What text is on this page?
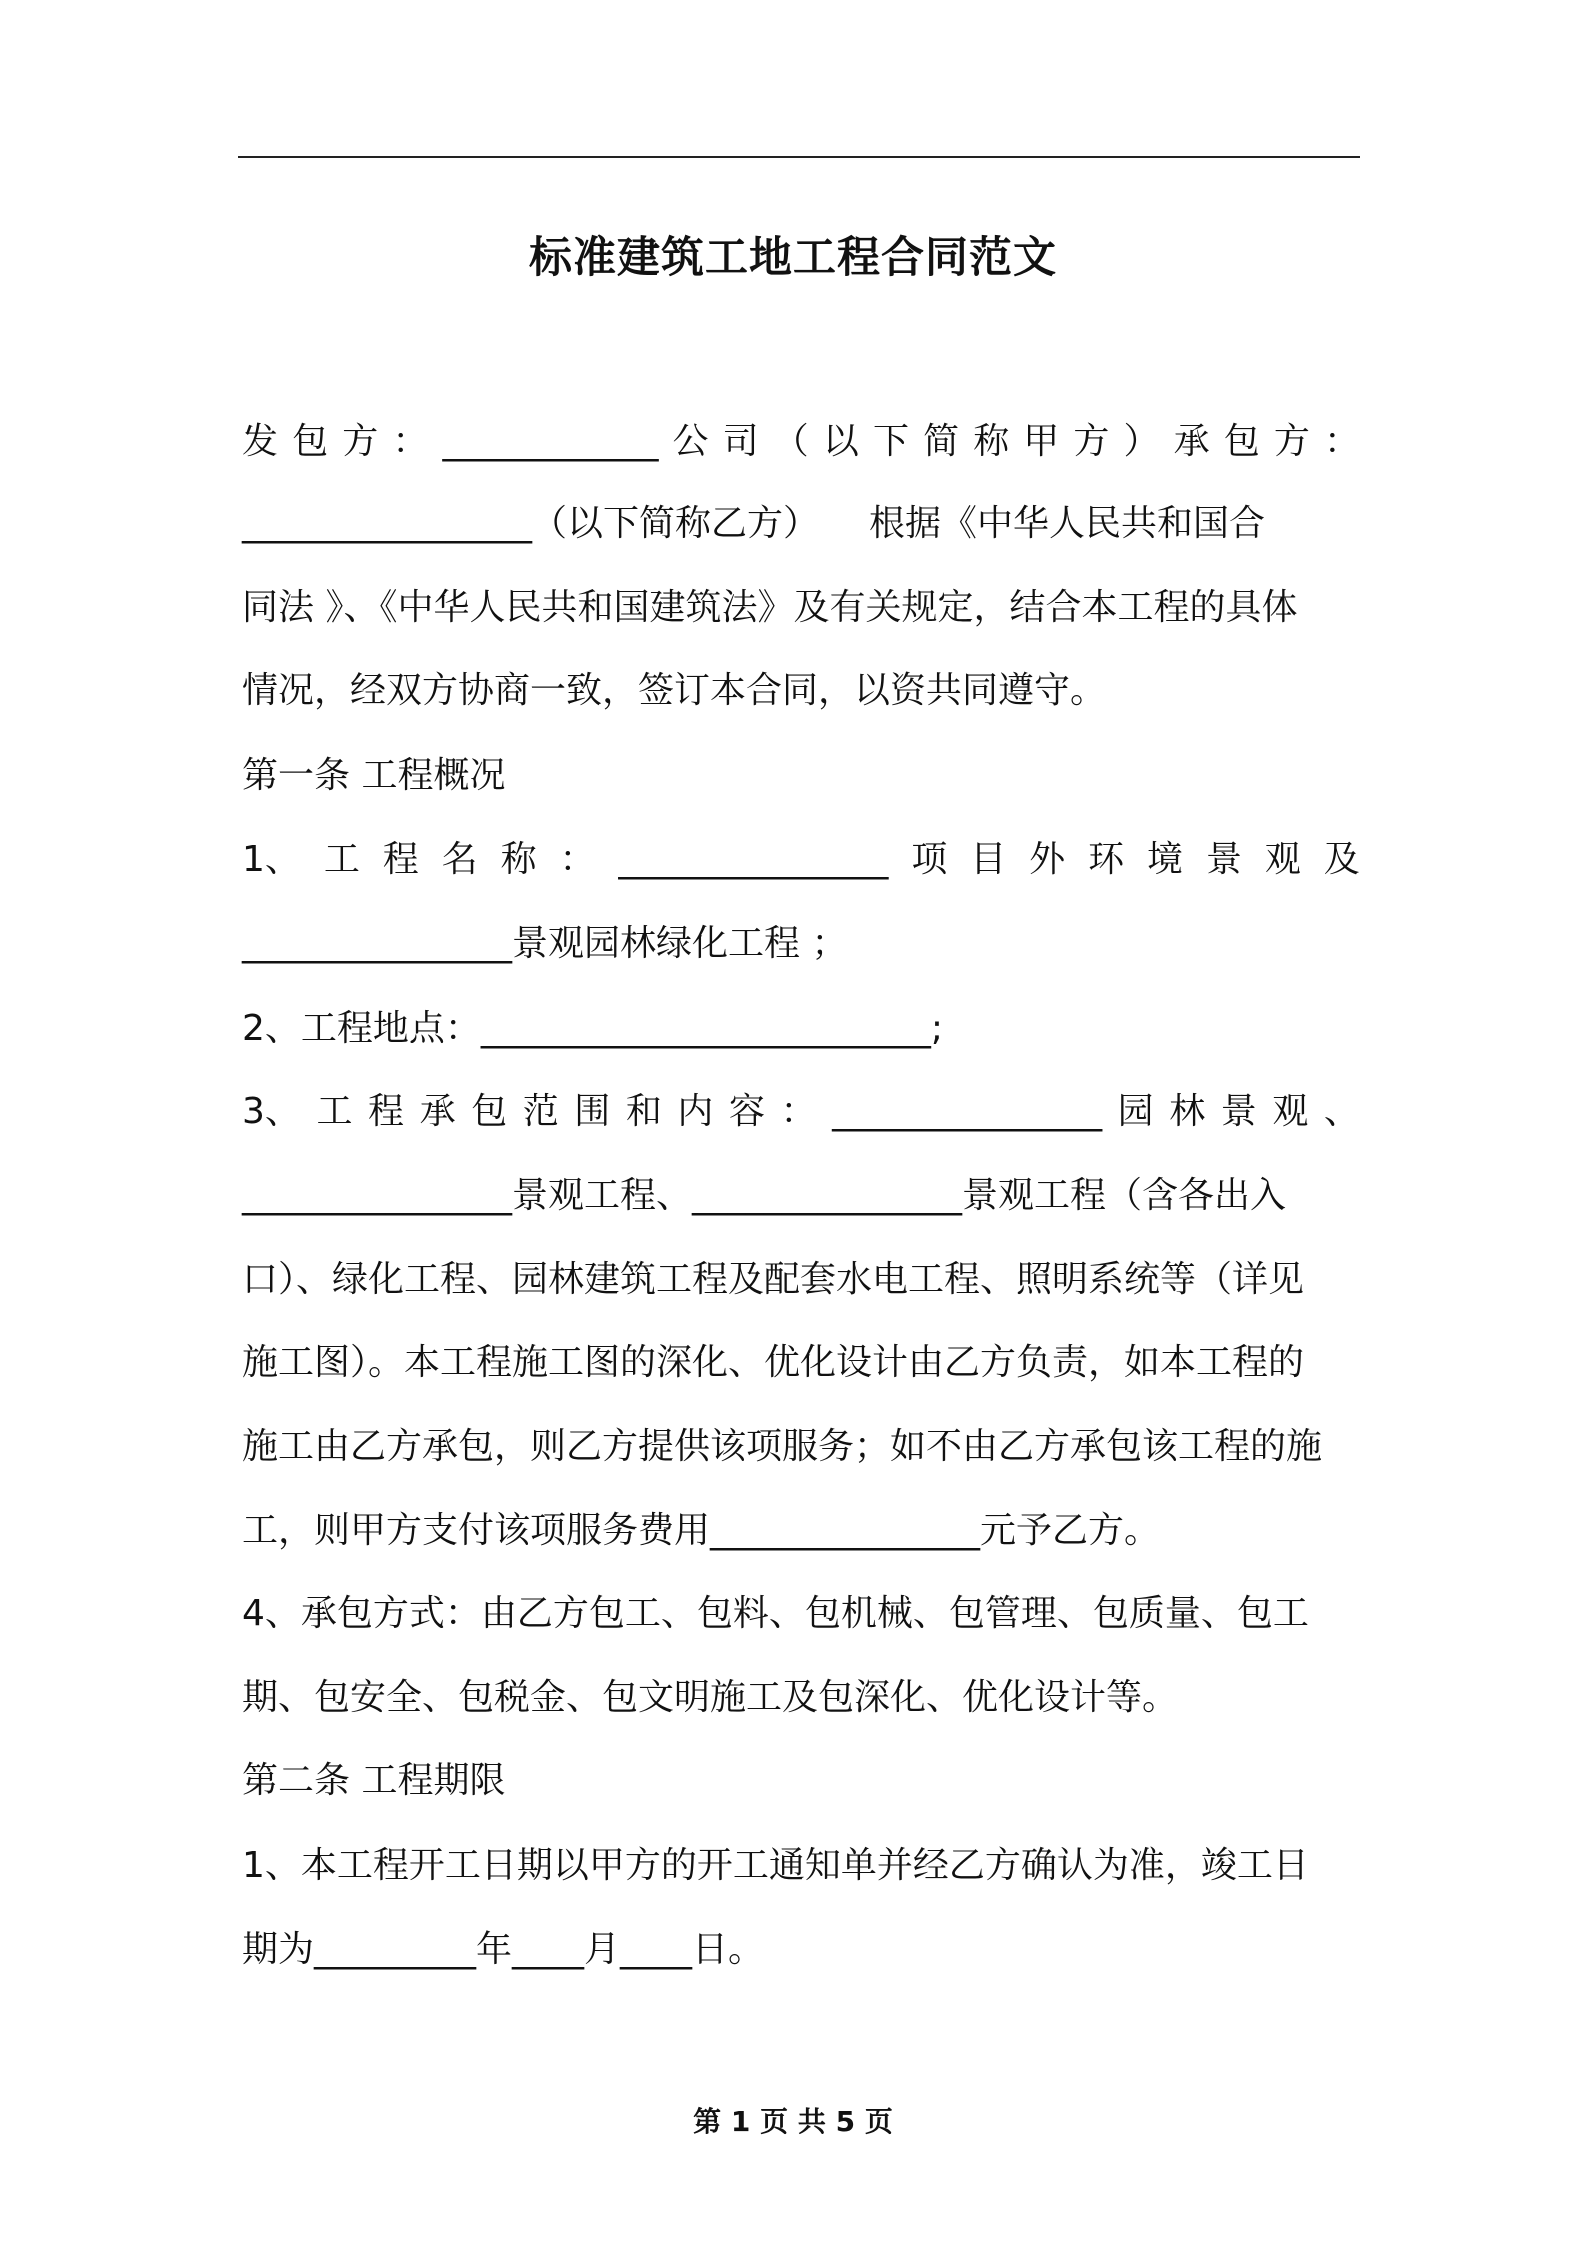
标准建筑工地工程合同范文
发 包 方 ： ____________ 公 司 （ 以 下 简 称 甲 方 ） 承 包 方 ：
_________________（以下简称乙方） 根据《中华人民共和国合
同法 》、《中华人民共和国建筑法》及有关规定，结合本工程的具体
情况，经双方协商一致，签订本合同，以资共同遵守。
第一条 工程概况
1、 工 程 名 称 ： _______________ 项 目 外 环 境 景 观 及
_______________景观园林绿化工程 ；
2、工程地点：_________________________;
3、 工 程 承 包 范 围 和 内 容 ： _______________ 园 林 景 观 、
_______________景观工程、_______________景观工程（含各出入
口）、绿化工程、园林建筑工程及配套水电工程、照明系统等（详见
施工图）。本工程施工图的深化、优化设计由乙方负责，如本工程的
施工由乙方承包，则乙方提供该项服务；如不由乙方承包该工程的施
工，则甲方支付该项服务费用_______________元予乙方。
4、承包方式：由乙方包工、包料、包机械、包管理、包质量、包工
期、包安全、包税金、包文明施工及包深化、优化设计等。
第二条 工程期限
1、本工程开工日期以甲方的开工通知单并经乙方确认为准，竣工日
期为_________年____月____日。
第 1 页 共 5 页
